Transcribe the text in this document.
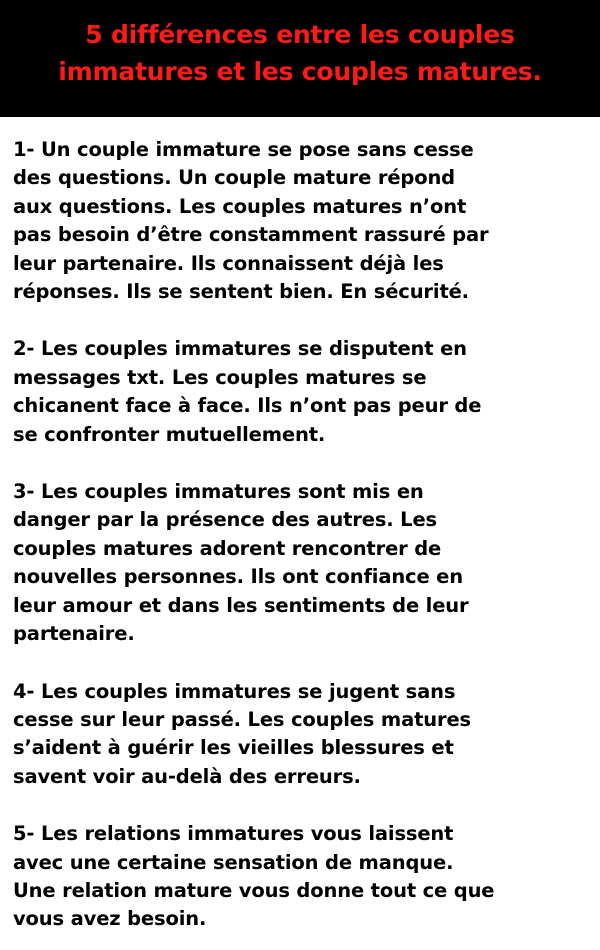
5 différences entre les couples
immatures et les couples matures.
1- Un couple immature se pose sans cesse
des questions. Un couple mature répond
aux questions. Les couples matures n’ont
pas besoin d’être constamment rassuré par
leur partenaire. Ils connaissent déjà les
réponses. Ils se sentent bien. En sécurité.
2- Les couples immatures se disputent en
messages txt. Les couples matures se
chicanent face à face. Ils n’ont pas peur de
se confronter mutuellement.
3- Les couples immatures sont mis en
danger par la présence des autres. Les
couples matures adorent rencontrer de
nouvelles personnes. Ils ont confiance en
leur amour et dans les sentiments de leur
partenaire.
4- Les couples immatures se jugent sans
cesse sur leur passé. Les couples matures
s’aident à guérir les vieilles blessures et
savent voir au-delà des erreurs.
5- Les relations immatures vous laissent
avec une certaine sensation de manque.
Une relation mature vous donne tout ce que
vous avez besoin.
